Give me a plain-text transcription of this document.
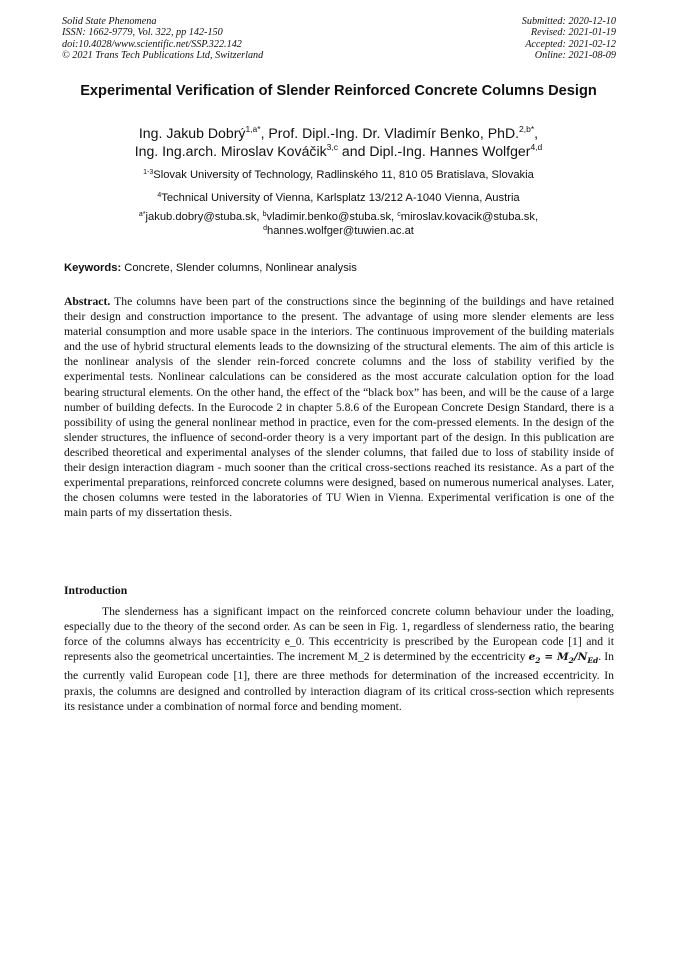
Solid State Phenomena
ISSN: 1662-9779, Vol. 322, pp 142-150
doi:10.4028/www.scientific.net/SSP.322.142
© 2021 Trans Tech Publications Ltd, Switzerland
Submitted: 2020-12-10
Revised: 2021-01-19
Accepted: 2021-02-12
Online: 2021-08-09
Experimental Verification of Slender Reinforced Concrete Columns Design
Ing. Jakub Dobrý$^{1,a*}$, Prof. Dipl.-Ing. Dr. Vladimír Benko, PhD.$^{2,b*}$,
Ing. Ing.arch. Miroslav Kováčik$^{3,c}$ and Dipl.-Ing. Hannes Wolfger$^{4,d}$
$^{1-3}$Slovak University of Technology, Radlinského 11, 810 05 Bratislava, Slovakia
$^4$Technical University of Vienna, Karlsplatz 13/212 A-1040 Vienna, Austria
$^{a*}$jakub.dobry@stuba.sk, $^b$vladimir.benko@stuba.sk, $^c$miroslav.kovacik@stuba.sk,
$^d$hannes.wolfger@tuwien.ac.at
Keywords: Concrete, Slender columns, Nonlinear analysis

Abstract. The columns have been part of the constructions since the beginning of the buildings and have retained their design and construction importance to the present. The advantage of using more slender elements are less material consumption and more usable space in the interiors. The continuous improvement of the building materials and the use of hybrid structural elements leads to the downsizing of the structural elements. The aim of this article is the nonlinear analysis of the slender rein-forced concrete columns and the loss of stability verified by the experimental tests. Nonlinear calculations can be considered as the most accurate calculation option for the load bearing structural elements. On the other hand, the effect of the “black box” has been, and will be the cause of a large number of building defects. In the Eurocode 2 in chapter 5.8.6 of the European Concrete Design Standard, there is a possibility of using the general nonlinear method in practice, even for the com-pressed elements. In the design of the slender structures, the influence of second-order theory is a very important part of the design. In this publication are described theoretical and experimental analyses of the slender columns, that failed due to loss of stability inside of their design interaction diagram - much sooner than the critical cross-sections reached its resistance. As a part of the experimental preparations, reinforced concrete columns were designed, based on numerous numerical analyses. Later, the chosen columns were tested in the laboratories of TU Wien in Vienna. Experimental verification is one of the main parts of my dissertation thesis.

Introduction

The slenderness has a significant impact on the reinforced concrete column behaviour under the loading, especially due to the theory of the second order. As can be seen in Fig. 1, regardless of slenderness ratio, the bearing force of the columns always has eccentricity e_0. This eccentricity is prescribed by the European code [1] and it represents also the geometrical uncertainties. The increment M_2 is determined by the eccentricity $e_2 = M_2/N_{Ed}$. In the currently valid European code [1], there are three methods for determination of the increased eccentricity. In praxis, the columns are designed and controlled by interaction diagram of its critical cross-section which represents its resistance under a combination of normal force and bending moment.
